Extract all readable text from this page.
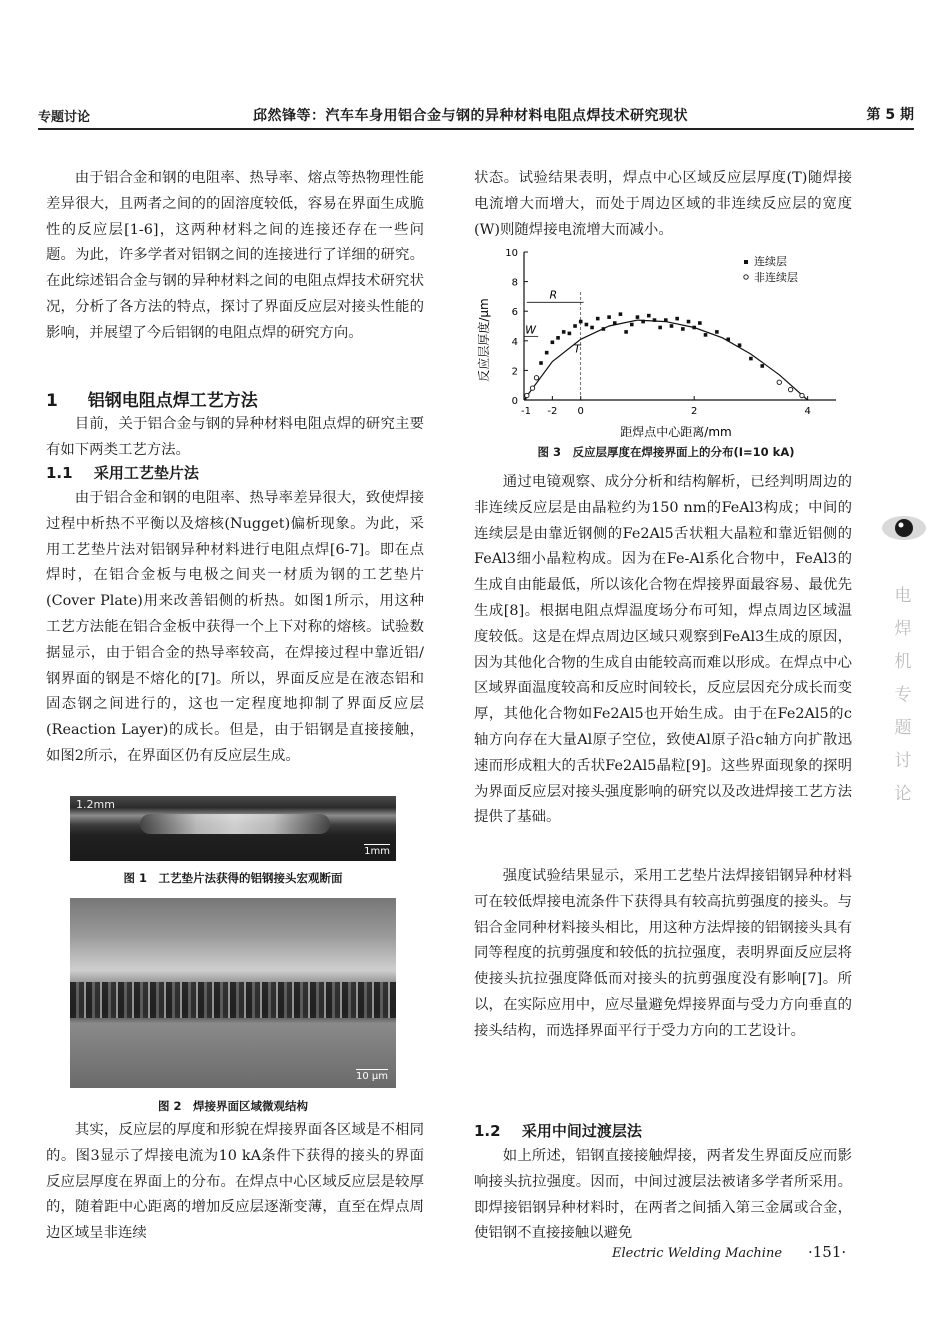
专题讨论	邱然锋等：汽车车身用铝合金与钢的异种材料电阻点焊技术研究现状	第 5 期

由于铝合金和钢的电阻率、热导率、熔点等热物理性能差异很大，且两者之间的的固溶度较低，容易在界面生成脆性的反应层[1-6]，这两种材料之间的连接还存在一些问题。为此，许多学者对铝钢之间的连接进行了详细的研究。在此综述铝合金与钢的异种材料之间的电阻点焊技术研究状况，分析了各方法的特点，探讨了界面反应层对接头性能的影响，并展望了今后铝钢的电阻点焊的研究方向。

1 铝钢电阻点焊工艺方法

目前，关于铝合金与钢的异种材料电阻点焊的研究主要有如下两类工艺方法。

1.1 采用工艺垫片法

由于铝合金和钢的电阻率、热导率差异很大，致使焊接过程中析热不平衡以及熔核(Nugget)偏析现象。为此，采用工艺垫片法对铝钢异种材料进行电阻点焊[6-7]。即在点焊时，在铝合金板与电极之间夹一材质为钢的工艺垫片(Cover Plate)用来改善铝侧的析热。如图1所示，用这种工艺方法能在铝合金板中获得一个上下对称的熔核。试验数据显示，由于铝合金的热导率较高，在焊接过程中靠近铝/钢界面的钢是不熔化的[7]。所以，界面反应是在液态铝和固态钢之间进行的，这也一定程度地抑制了界面反应层(Reaction Layer)的成长。但是，由于铝钢是直接接触，如图2所示，在界面区仍有反应层生成。

1.2mm
1mm
图 1　工艺垫片法获得的铝钢接头宏观断面
10 μm
图 2　焊接界面区域微观结构

其实，反应层的厚度和形貌在焊接界面各区域是不相同的。图3显示了焊接电流为10 kA条件下获得的接头的界面反应层厚度在界面上的分布。在焊点中心区域反应层是较厚的，随着距中心距离的增加反应层逐渐变薄，直至在焊点周边区域呈非连续

状态。试验结果表明，焊点中心区域反应层厚度(T)随焊接电流增大而增大，而处于周边区域的非连续反应层的宽度(W)则随焊接电流增大而减小。

0
2
4
6
8
10
-1 -2 0	2	4
R
W
T
连续层
非连续层
距焊点中心距离/mm
反应层厚度/μm
图 3　反应层厚度在焊接界面上的分布(I=10 kA)

通过电镜观察、成分分析和结构解析，已经判明周边的非连续反应层是由晶粒约为150 nm的FeAl3构成；中间的连续层是由靠近钢侧的Fe2Al5舌状粗大晶粒和靠近铝侧的FeAl3细小晶粒构成。因为在Fe-Al系化合物中，FeAl3的生成自由能最低，所以该化合物在焊接界面最容易、最优先生成[8]。根据电阻点焊温度场分布可知，焊点周边区域温度较低。这是在焊点周边区域只观察到FeAl3生成的原因，因为其他化合物的生成自由能较高而难以形成。在焊点中心区域界面温度较高和反应时间较长，反应层因充分成长而变厚，其他化合物如Fe2Al5也开始生成。由于在Fe2Al5的c轴方向存在大量Al原子空位，致使Al原子沿c轴方向扩散迅速而形成粗大的舌状Fe2Al5晶粒[9]。这些界面现象的探明为界面反应层对接头强度影响的研究以及改进焊接工艺方法提供了基础。

强度试验结果显示，采用工艺垫片法焊接铝钢异种材料可在较低焊接电流条件下获得具有较高抗剪强度的接头。与铝合金同种材料接头相比，用这种方法焊接的铝钢接头具有同等程度的抗剪强度和较低的抗拉强度，表明界面反应层将使接头抗拉强度降低而对接头的抗剪强度没有影响[7]。所以，在实际应用中，应尽量避免焊接界面与受力方向垂直的接头结构，而选择界面平行于受力方向的工艺设计。

1.2 采用中间过渡层法

如上所述，铝钢直接接触焊接，两者发生界面反应而影响接头抗拉强度。因而，中间过渡层法被诸多学者所采用。即焊接铝钢异种材料时，在两者之间插入第三金属或合金，使铝钢不直接接触以避免

电焊机专题讨论
Electric Welding Machine ·151·
